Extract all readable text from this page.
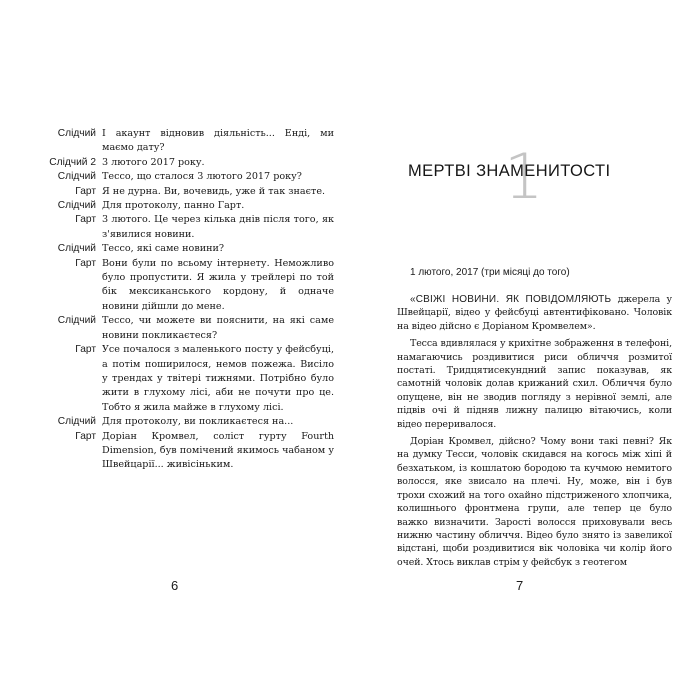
Слідчий І акаунт відновив діяльність... Енді, ми маємо дату?
Слідчий 2 3 лютого 2017 року.
Слідчий Тессо, що сталося 3 лютого 2017 року?
Гарт Я не дурна. Ви, вочевидь, уже й так знаєте.
Слідчий Для протоколу, панно Гарт.
Гарт 3 лютого. Це через кілька днів після того, як з'явилися новини.
Слідчий Тессо, які саме новини?
Гарт Вони були по всьому інтернету. Неможливо було пропустити. Я жила у трейлері по той бік мексиканського кордону, й одначе новини дійшли до мене.
Слідчий Тессо, чи можете ви пояснити, на які саме новини покликаєтеся?
Гарт Усе почалося з маленького посту у фейсбуці, а потім поширилося, немов пожежа. Висіло у трендах у твітері тижнями. Потрібно було жити в глухому лісі, аби не почути про це. Тобто я жила майже в глухому лісі.
Слідчий Для протоколу, ви покликаєтеся на...
Гарт Доріан Кромвел, соліст гурту Fourth Dimension, був помічений якимось чабаном у Швейцарії... живісіньким.
6
1
МЕРТВІ ЗНАМЕНИТОСТІ
1 лютого, 2017 (три місяці до того)

«СВІЖІ НОВИНИ. ЯК ПОВІДОМЛЯЮТЬ джерела у Швейцарії, відео у фейсбуці автентифіковано. Чоловік на відео дійсно є Доріаном Кромвелем».

Тесса вдивлялася у крихітне зображення в телефоні, намагаючись роздивитися риси обличчя розмитої постаті. Тридцятисекундний запис показував, як самотній чоловік долав крижаний схил. Обличчя було опущене, він не зводив погляду з нерівної землі, але підвів очі й підняв лижну палицю вітаючись, коли відео переривалося.

Доріан Кромвел, дійсно? Чому вони такі певні? Як на думку Тесси, чоловік скидався на когось між хіпі й безхатьком, із кошлатою бородою та кучмою немитого волосся, яке звисало на плечі. Ну, може, він і був трохи схожий на того охайно підстриженого хлопчика, колишнього фронтмена групи, але тепер це було важко визначити. Зарості волосся приховували весь нижню частину обличчя. Відео було знято із завеликої відстані, щоби роздивитися вік чоловіка чи колір його очей. Хтось виклав стрім у фейсбук з геотегом

7
